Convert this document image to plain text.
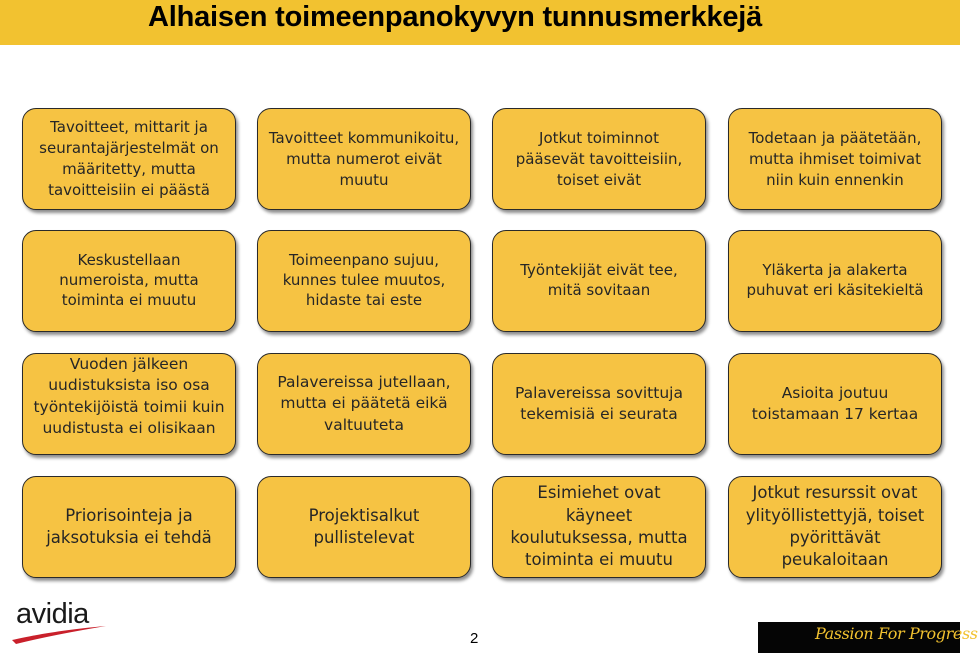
Alhaisen toimeenpanokyvyn tunnusmerkkejä
Tavoitteet, mittarit ja seurantajärjestelmät on määritetty, mutta tavoitteisiin ei päästä
Tavoitteet kommunikoitu, mutta numerot eivät muutu
Jotkut toiminnot pääsevät tavoitteisiin, toiset eivät
Todetaan ja päätetään, mutta ihmiset toimivat niin kuin ennenkin
Keskustellaan numeroista, mutta toiminta ei muutu
Toimeenpano sujuu, kunnes tulee muutos, hidaste tai este
Työntekijät eivät tee, mitä sovitaan
Yläkerta ja alakerta puhuvat eri käsitekieltä
Vuoden jälkeen uudistuksista iso osa työntekijöistä toimii kuin uudistusta ei olisikaan
Palavereissa jutellaan, mutta ei päätetä eikä valtuuteta
Palavereissa sovittuja tekemisiä ei seurata
Asioita joutuu toistamaan 17 kertaa
Priorisointeja ja jaksotuksia ei tehdä
Projektisalkut pullistelevat
Esimiehet ovat käyneet koulutuksessa, mutta toiminta ei muutu
Jotkut resurssit ovat ylityöllistettyjä, toiset pyörittävät peukaloitaan
avidia
2	Passion For Progress
